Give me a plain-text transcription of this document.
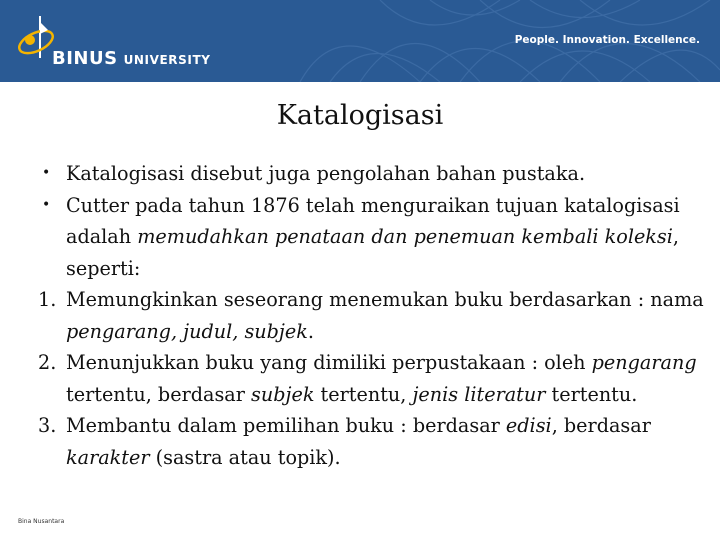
BINUS UNIVERSITY
People. Innovation. Excellence.
Katalogisasi
• Katalogisasi disebut juga pengolahan bahan pustaka.
• Cutter pada tahun 1876 telah menguraikan tujuan katalogisasi adalah memudahkan penataan dan penemuan kembali koleksi, seperti:
1. Memungkinkan seseorang menemukan buku berdasarkan : nama pengarang, judul, subjek.
2. Menunjukkan buku yang dimiliki perpustakaan : oleh pengarang tertentu, berdasar subjek tertentu, jenis literatur tertentu.
3. Membantu dalam pemilihan buku : berdasar edisi, berdasar karakter (sastra atau topik).
Bina Nusantara
